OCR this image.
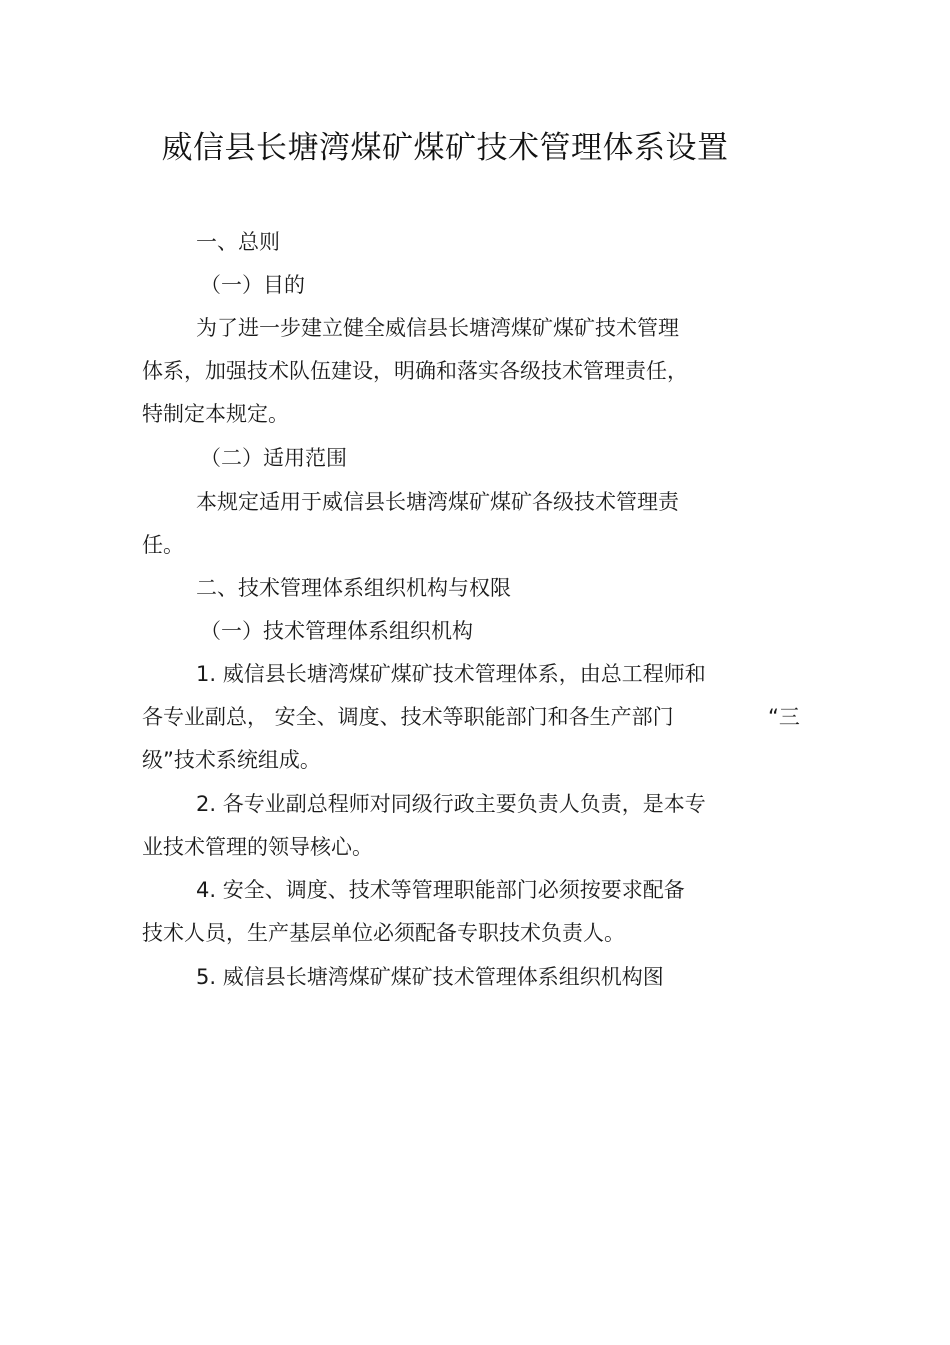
威信县长塘湾煤矿煤矿技术管理体系设置
一、总则
（一）目的
为了进一步建立健全威信县长塘湾煤矿煤矿技术管理
体系，加强技术队伍建设，明确和落实各级技术管理责任，
特制定本规定。
（二）适用范围
本规定适用于威信县长塘湾煤矿煤矿各级技术管理责
任。
二、技术管理体系组织机构与权限
（一）技术管理体系组织机构
1. 威信县长塘湾煤矿煤矿技术管理体系，由总工程师和
各专业副总， 安全、调度、技术等职能部门和各生产部门	“三
级”技术系统组成。
2. 各专业副总程师对同级行政主要负责人负责，是本专
业技术管理的领导核心。
4. 安全、调度、技术等管理职能部门必须按要求配备
技术人员，生产基层单位必须配备专职技术负责人。
5. 威信县长塘湾煤矿煤矿技术管理体系组织机构图
